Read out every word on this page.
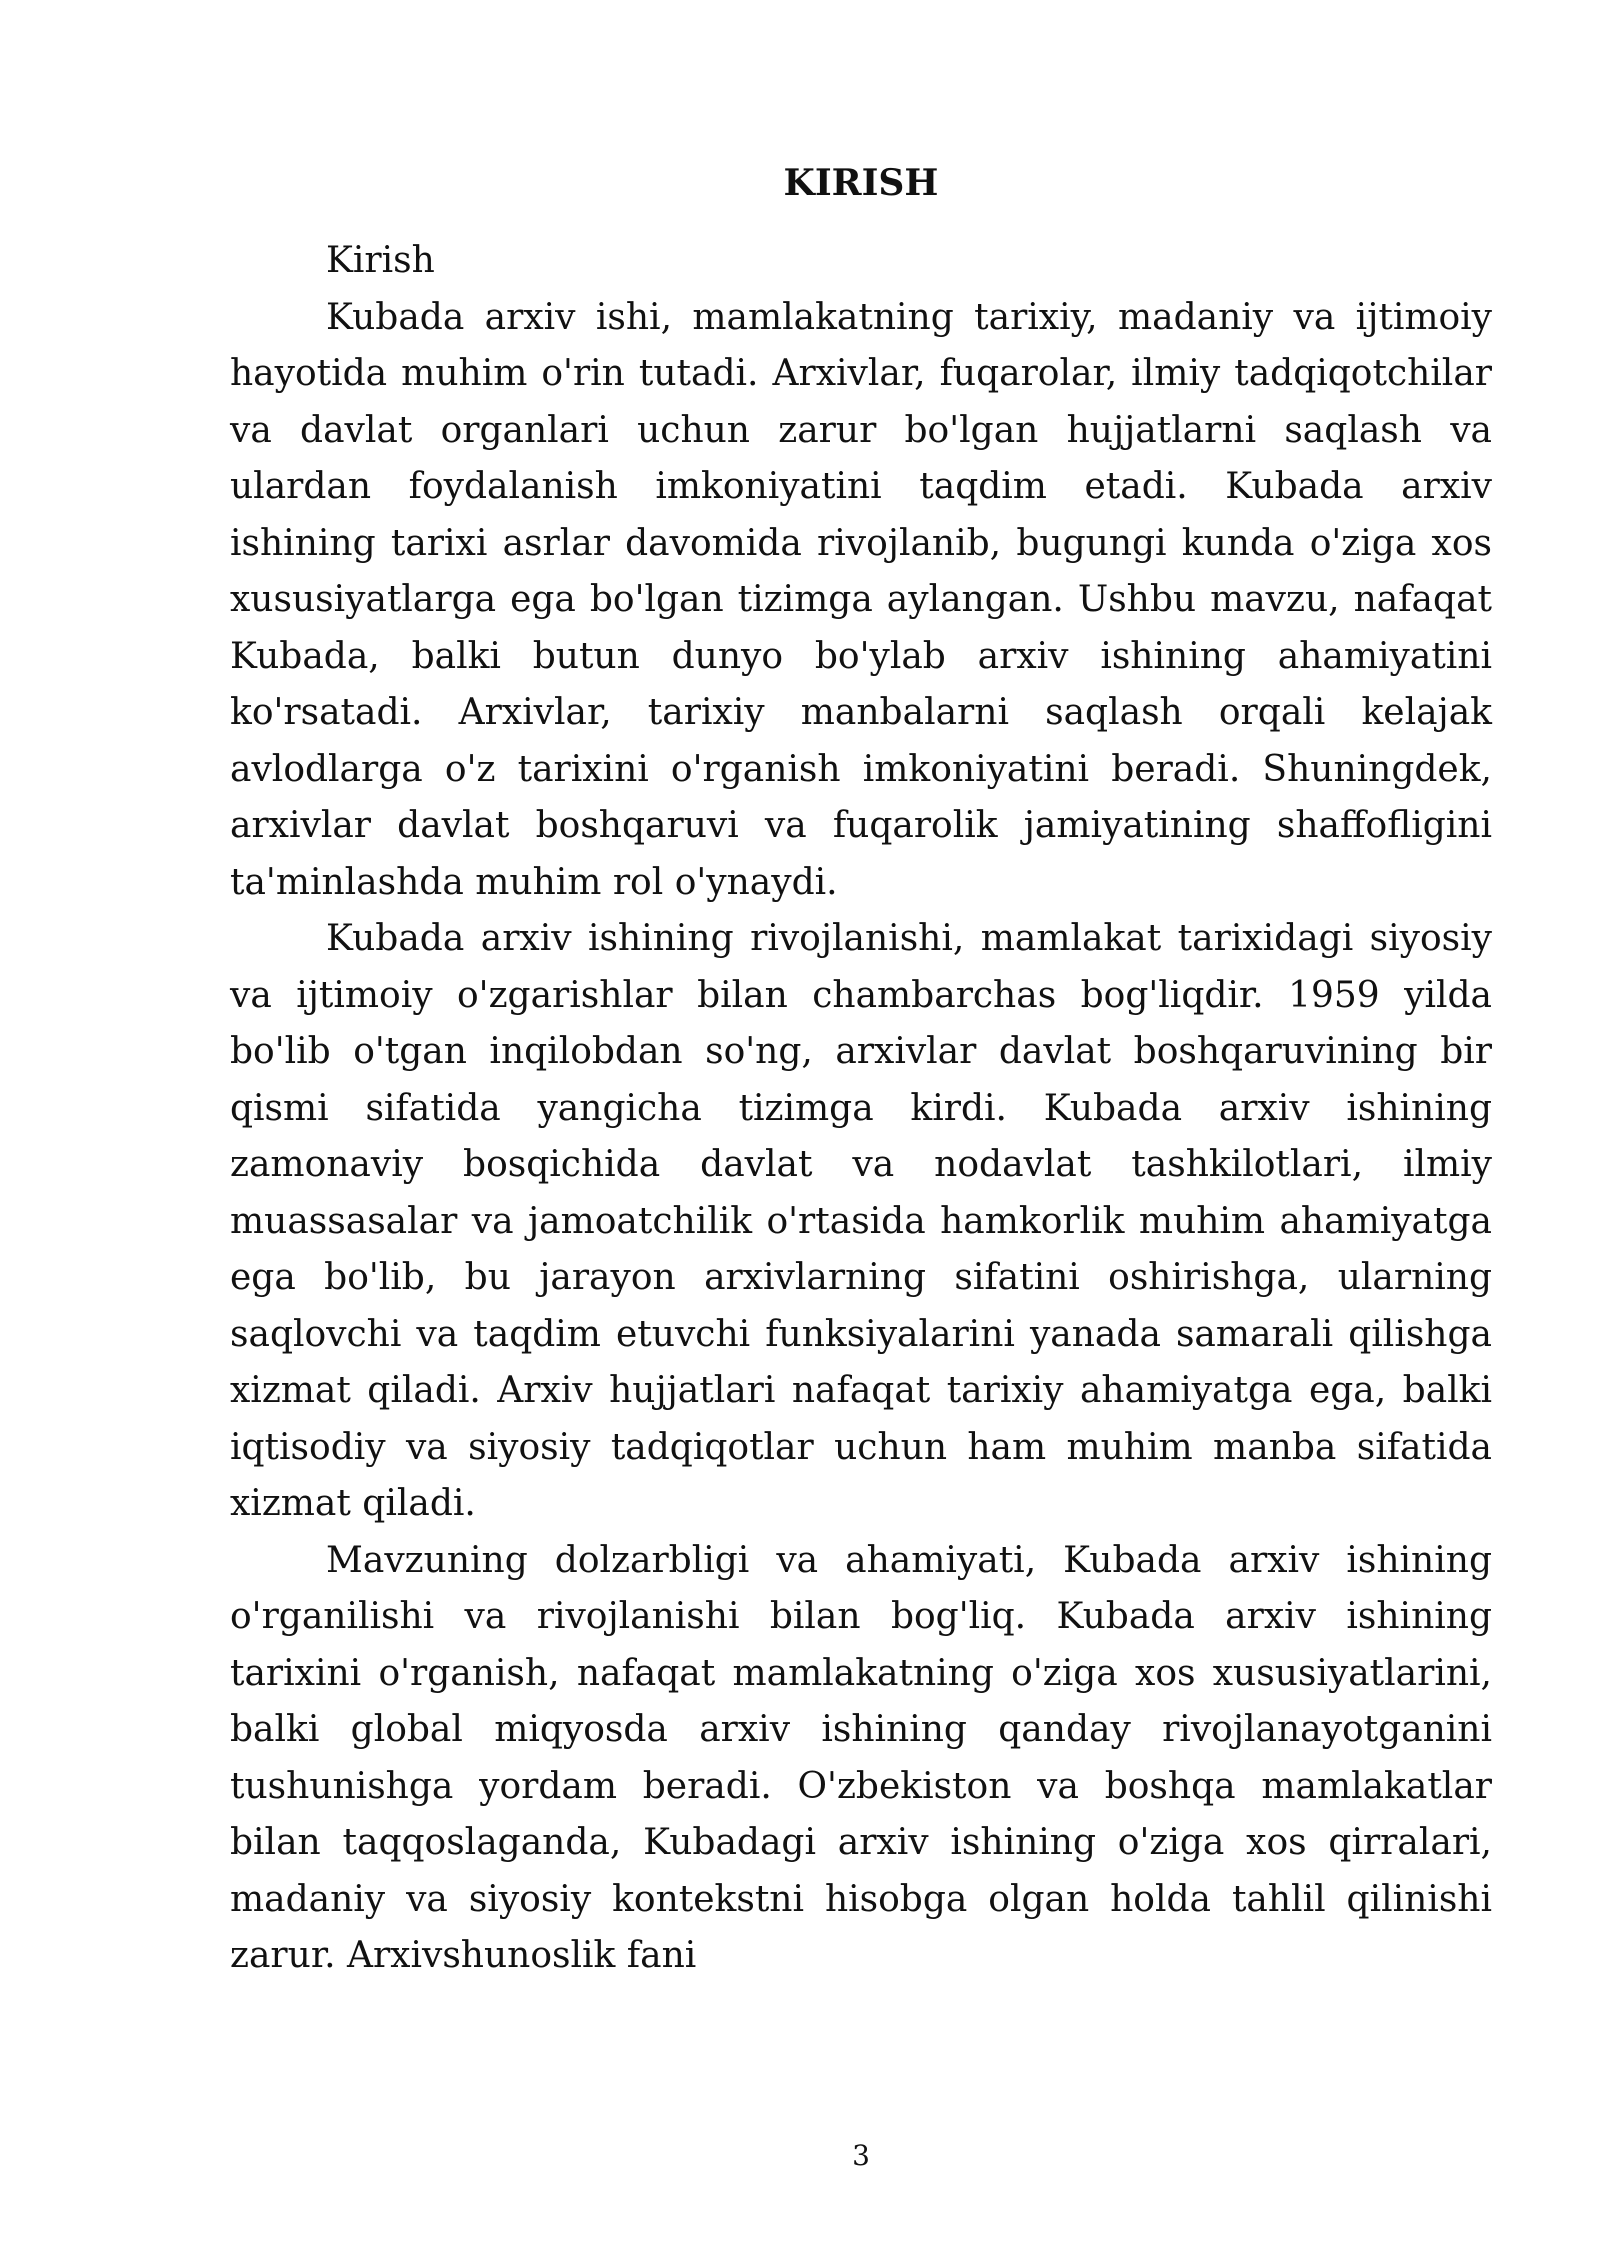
KIRISH

Kirish

Kubada arxiv ishi, mamlakatning tarixiy, madaniy va ijtimoiy hayotida muhim o'rin tutadi. Arxivlar, fuqarolar, ilmiy tadqiqotchilar va davlat organlari uchun zarur bo'lgan hujjatlarni saqlash va ulardan foydalanish imkoniyatini taqdim etadi. Kubada arxiv ishining tarixi asrlar davomida rivojlanib, bugungi kunda o'ziga xos xususiyatlarga ega bo'lgan tizimga aylangan. Ushbu mavzu, nafaqat Kubada, balki butun dunyo bo'ylab arxiv ishining ahamiyatini ko'rsatadi. Arxivlar, tarixiy manbalarni saqlash orqali kelajak avlodlarga o'z tarixini o'rganish imkoniyatini beradi. Shuningdek, arxivlar davlat boshqaruvi va fuqarolik jamiyatining shaffofligini ta'minlashda muhim rol o'ynaydi.

Kubada arxiv ishining rivojlanishi, mamlakat tarixidagi siyosiy va ijtimoiy o'zgarishlar bilan chambarchas bog'liqdir. 1959 yilda bo'lib o'tgan inqilobdan so'ng, arxivlar davlat boshqaruvining bir qismi sifatida yangicha tizimga kirdi. Kubada arxiv ishining zamonaviy bosqichida davlat va nodavlat tashkilotlari, ilmiy muassasalar va jamoatchilik o'rtasida hamkorlik muhim ahamiyatga ega bo'lib, bu jarayon arxivlarning sifatini oshirishga, ularning saqlovchi va taqdim etuvchi funksiyalarini yanada samarali qilishga xizmat qiladi. Arxiv hujjatlari nafaqat tarixiy ahamiyatga ega, balki iqtisodiy va siyosiy tadqiqotlar uchun ham muhim manba sifatida xizmat qiladi.

Mavzuning dolzarbligi va ahamiyati, Kubada arxiv ishining o'rganilishi va rivojlanishi bilan bog'liq. Kubada arxiv ishining tarixini o'rganish, nafaqat mamlakatning o'ziga xos xususiyatlarini, balki global miqyosda arxiv ishining qanday rivojlanayotganini tushunishga yordam beradi. O'zbekiston va boshqa mamlakatlar bilan taqqoslaganda, Kubadagi arxiv ishining o'ziga xos qirralari, madaniy va siyosiy kontekstni hisobga olgan holda tahlil qilinishi zarur. Arxivshunoslik fani

3
